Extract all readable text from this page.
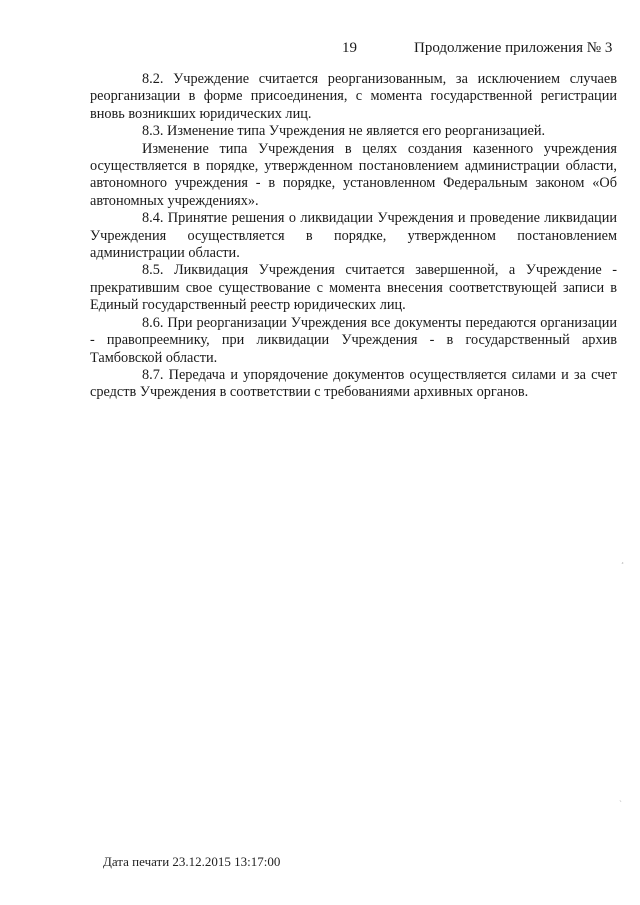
19	Продолжение приложения № 3

8.2. Учреждение считается реорганизованным, за исключением случаев реорганизации в форме присоединения, с момента государственной регистрации вновь возникших юридических лиц.

8.3. Изменение типа Учреждения не является его реорганизацией.

Изменение типа Учреждения в целях создания казенного учреждения осуществляется в порядке, утвержденном постановлением администрации области, автономного учреждения - в порядке, установленном Федеральным законом «Об автономных учреждениях».

8.4. Принятие решения о ликвидации Учреждения и проведение ликвидации Учреждения осуществляется в порядке, утвержденном постановлением администрации области.

8.5. Ликвидация Учреждения считается завершенной, а Учреждение - прекратившим свое существование с момента внесения соответствующей записи в Единый государственный реестр юридических лиц.

8.6. При реорганизации Учреждения все документы передаются организации - правопреемнику, при ликвидации Учреждения - в государственный архив Тамбовской области.

8.7. Передача и упорядочение документов осуществляется силами и за счет средств Учреждения в соответствии с требованиями архивных органов.

¸
ˋ
Дата печати 23.12.2015 13:17:00
